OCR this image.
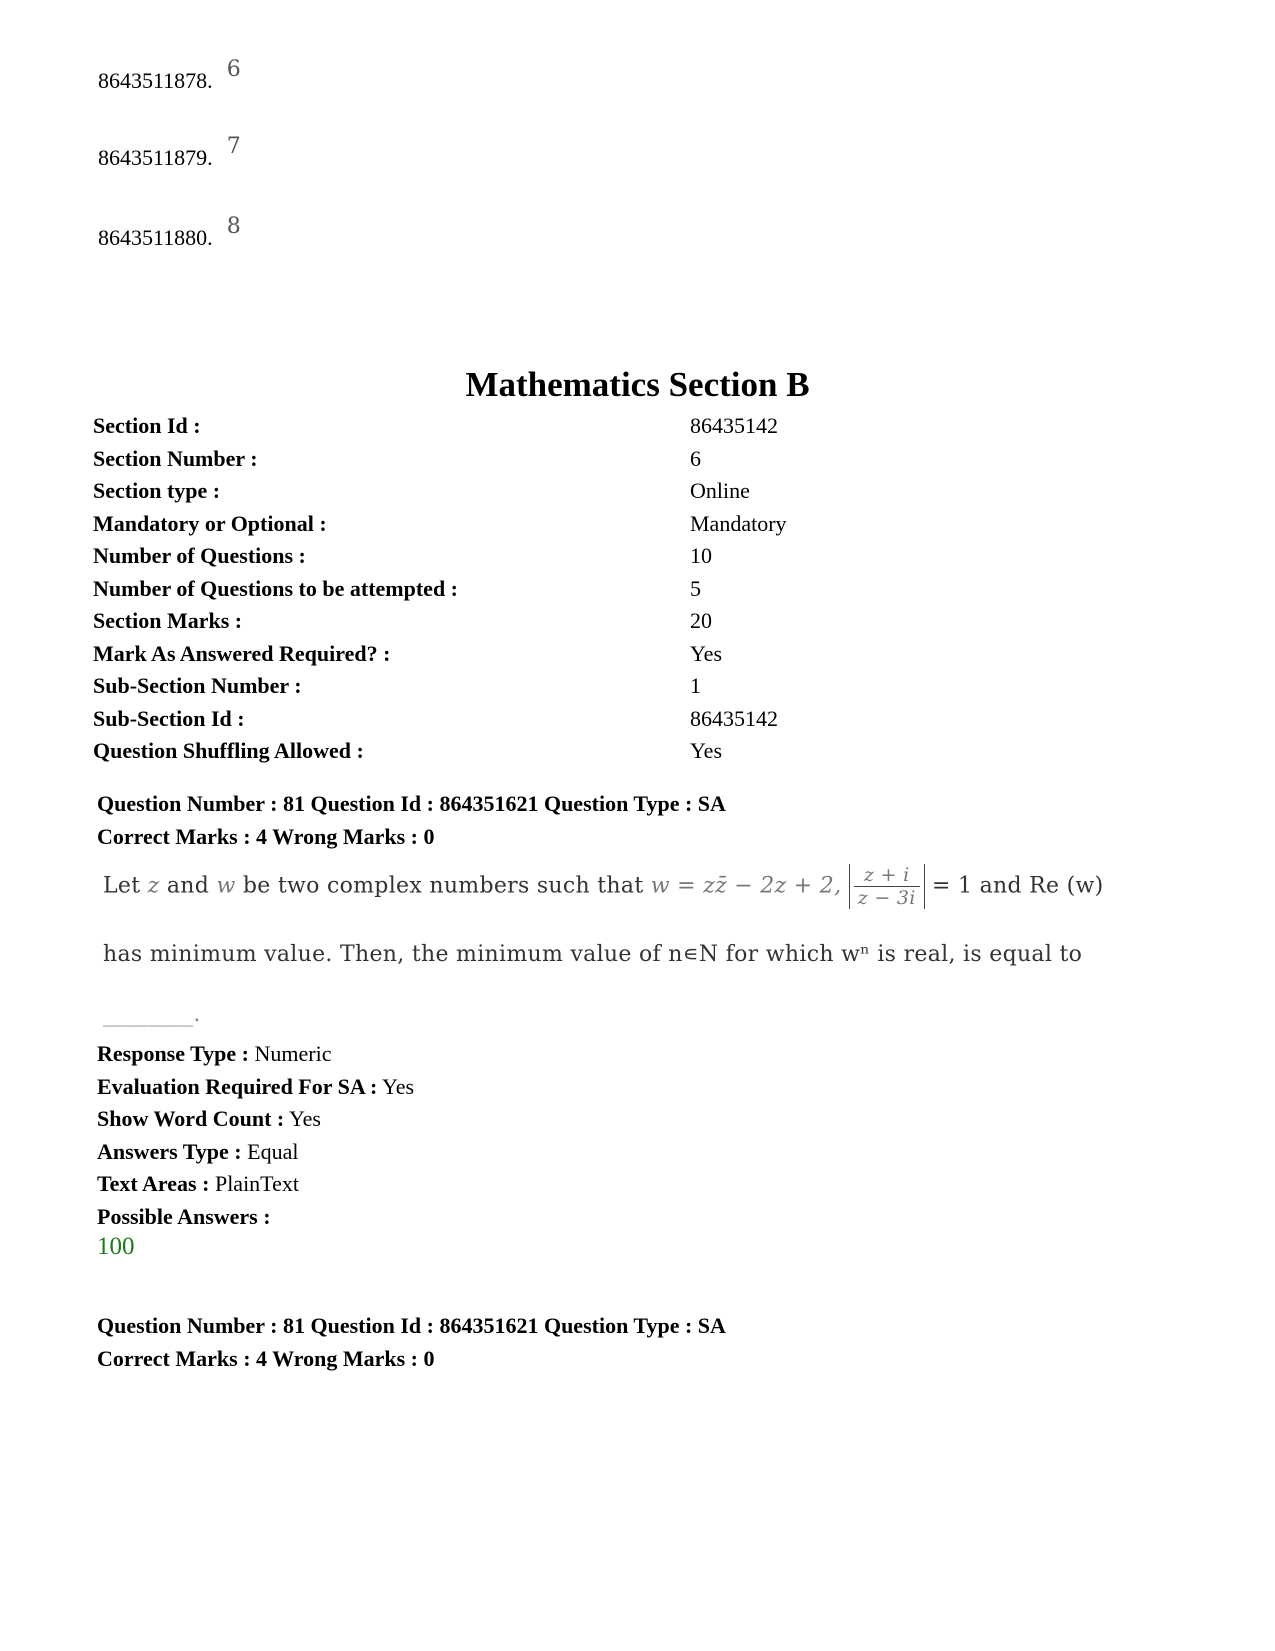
8643511878. 6
8643511879. 7
8643511880. 8
Mathematics Section B
Section Id :	86435142
Section Number :	6
Section type :	Online
Mandatory or Optional :	Mandatory
Number of Questions :	10
Number of Questions to be attempted :	5
Section Marks :	20
Mark As Answered Required? :	Yes
Sub-Section Number :	1
Sub-Section Id :	86435142
Question Shuffling Allowed :	Yes
Question Number : 81 Question Id : 864351621 Question Type : SA
Correct Marks : 4 Wrong Marks : 0
Let z and w be two complex numbers such that w = zz̄ − 2z + 2, $\frac{z + i}{z - 3i} = 1$ and Re (w)
has minimum value. Then, the minimum value of n∊N for which wⁿ is real, is equal to
________.
Response Type : Numeric
Evaluation Required For SA : Yes
Show Word Count : Yes
Answers Type : Equal
Text Areas : PlainText
Possible Answers :
100
Question Number : 81 Question Id : 864351621 Question Type : SA
Correct Marks : 4 Wrong Marks : 0
